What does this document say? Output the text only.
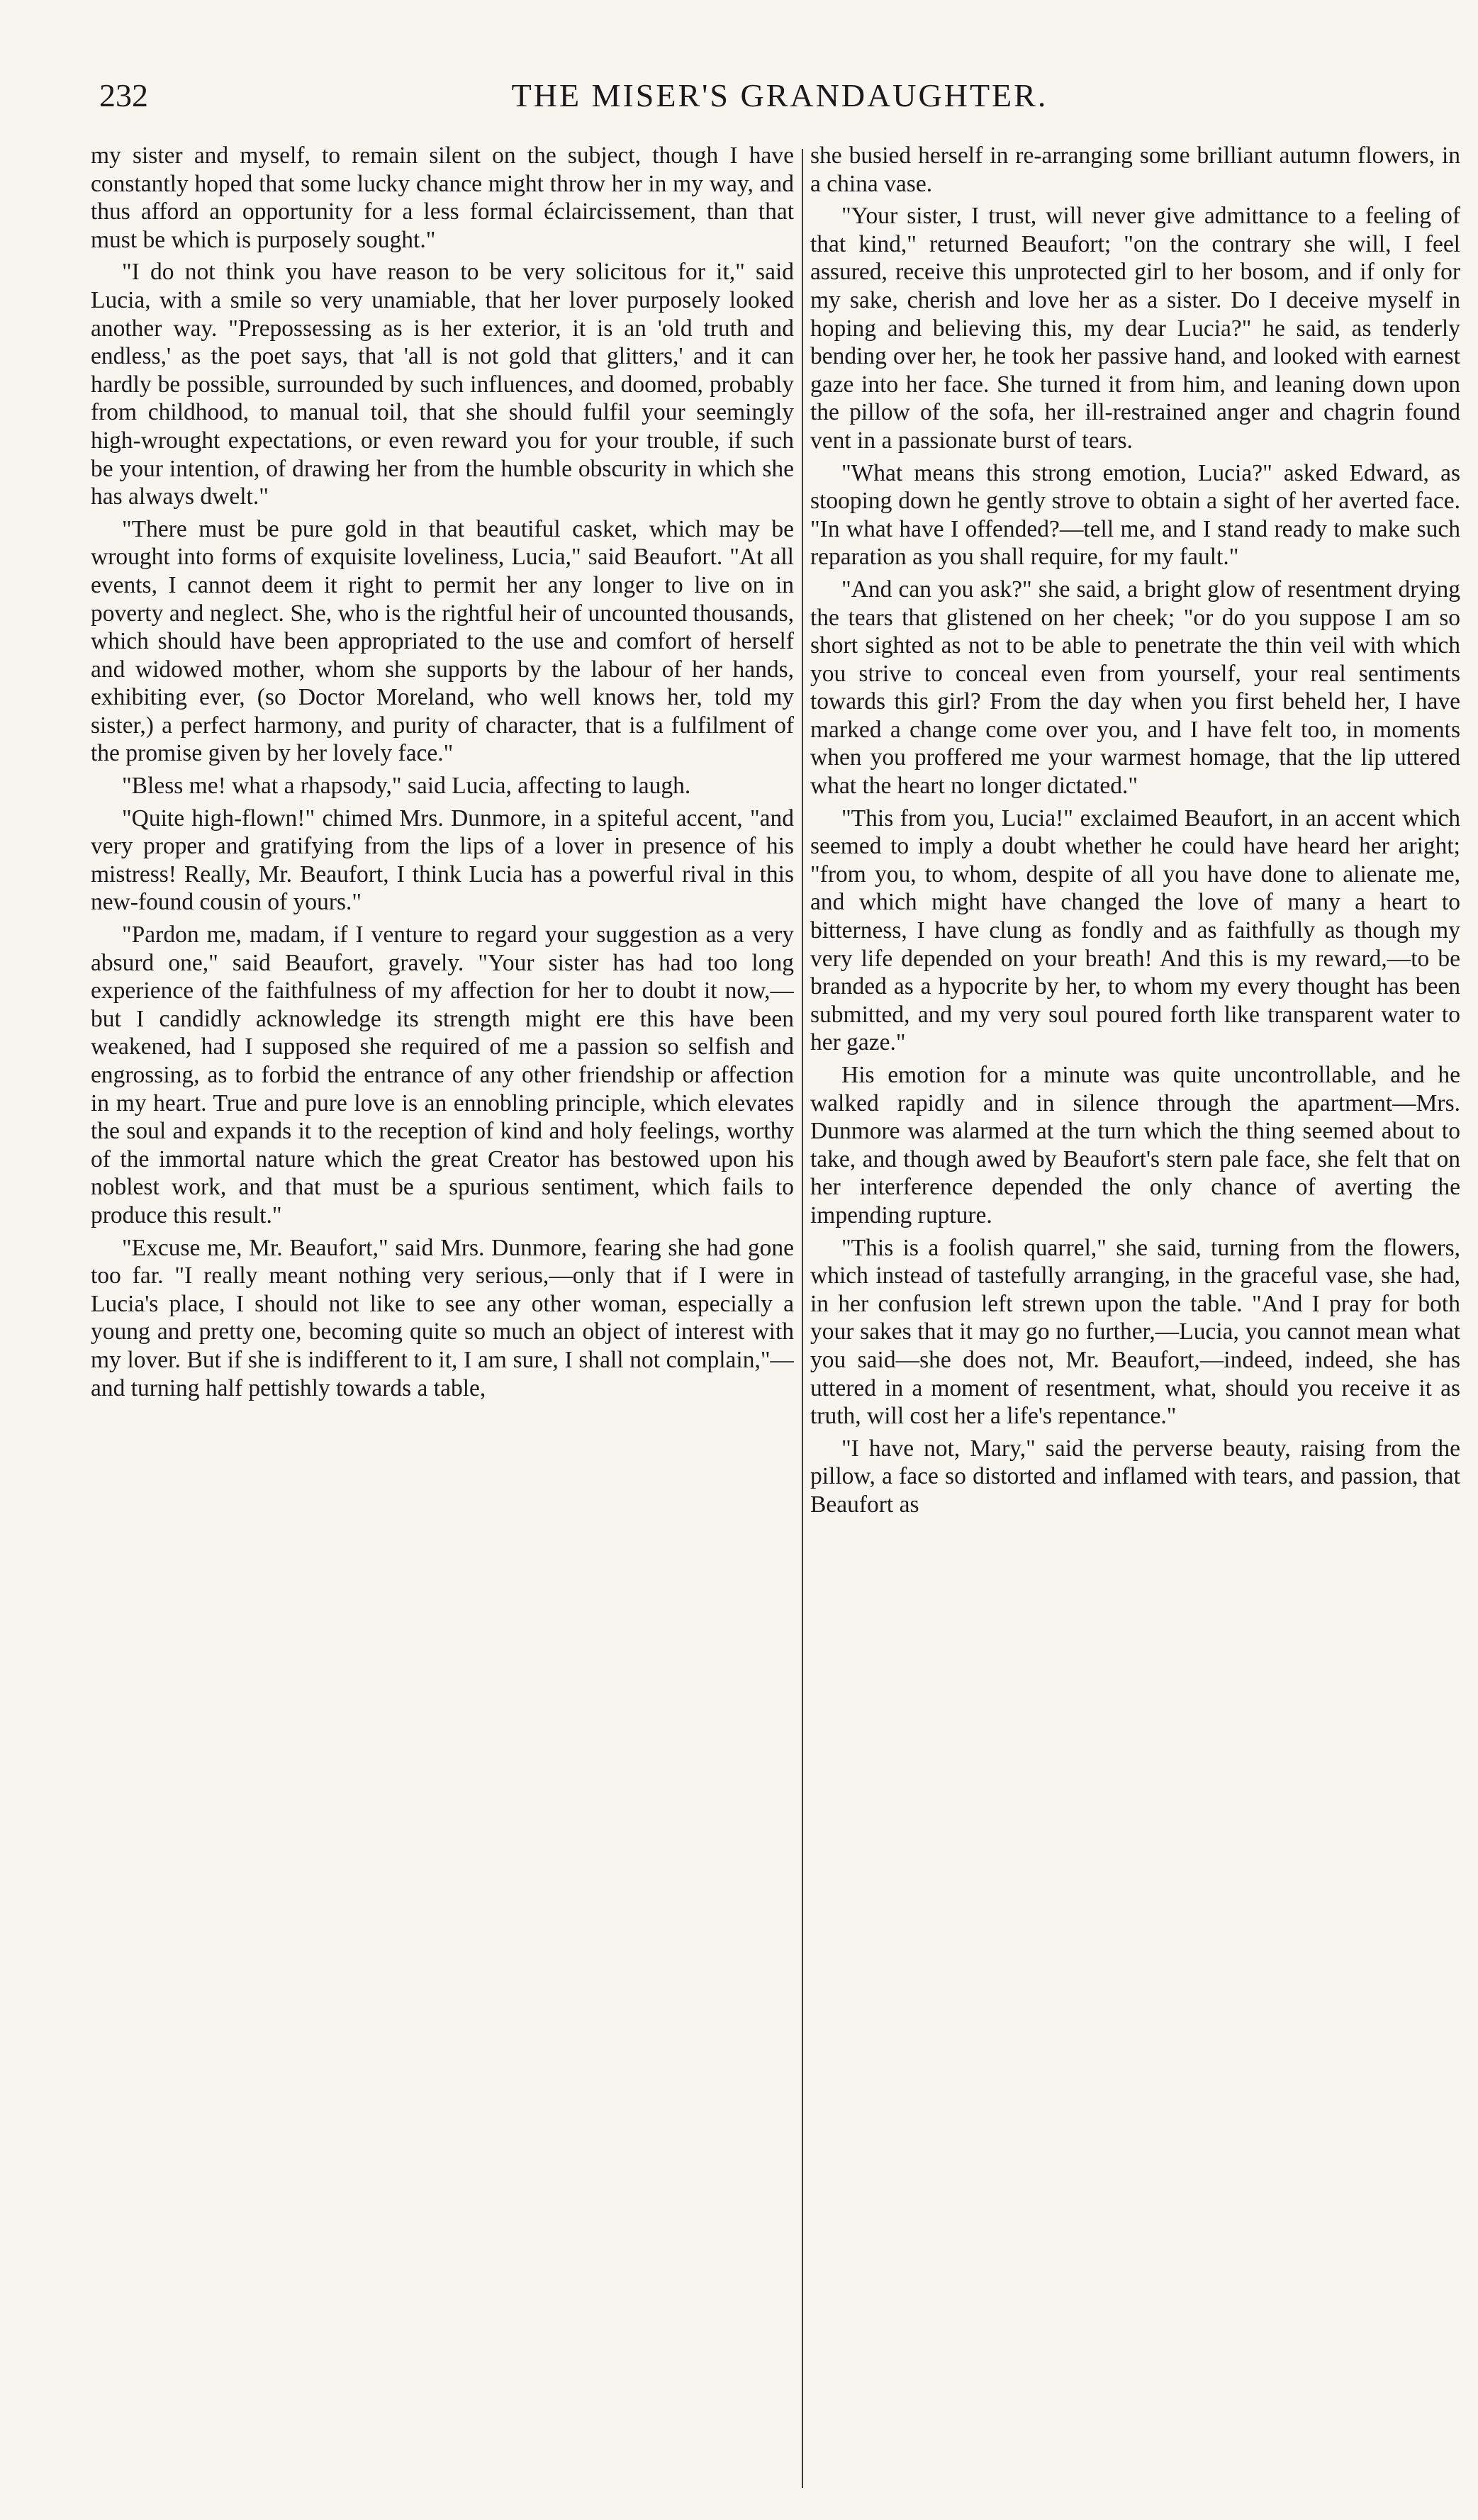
232	THE MISER'S GRANDAUGHTER.

my sister and myself, to remain silent on the subject, though I have constantly hoped that some lucky chance might throw her in my way, and thus afford an opportunity for a less formal éclaircissement, than that must be which is purposely sought."

"I do not think you have reason to be very solicitous for it," said Lucia, with a smile so very unamiable, that her lover purposely looked another way. "Prepossessing as is her exterior, it is an 'old truth and endless,' as the poet says, that 'all is not gold that glitters,' and it can hardly be possible, surrounded by such influences, and doomed, probably from childhood, to manual toil, that she should fulfil your seemingly high-wrought expectations, or even reward you for your trouble, if such be your intention, of drawing her from the humble obscurity in which she has always dwelt."

"There must be pure gold in that beautiful casket, which may be wrought into forms of exquisite loveliness, Lucia," said Beaufort. "At all events, I cannot deem it right to permit her any longer to live on in poverty and neglect. She, who is the rightful heir of uncounted thousands, which should have been appropriated to the use and comfort of herself and widowed mother, whom she supports by the labour of her hands, exhibiting ever, (so Doctor Moreland, who well knows her, told my sister,) a perfect harmony, and purity of character, that is a fulfilment of the promise given by her lovely face."

"Bless me! what a rhapsody," said Lucia, affecting to laugh.

"Quite high-flown!" chimed Mrs. Dunmore, in a spiteful accent, "and very proper and gratifying from the lips of a lover in presence of his mistress! Really, Mr. Beaufort, I think Lucia has a powerful rival in this new-found cousin of yours."

"Pardon me, madam, if I venture to regard your suggestion as a very absurd one," said Beaufort, gravely. "Your sister has had too long experience of the faithfulness of my affection for her to doubt it now,—but I candidly acknowledge its strength might ere this have been weakened, had I supposed she required of me a passion so selfish and engrossing, as to forbid the entrance of any other friendship or affection in my heart. True and pure love is an ennobling principle, which elevates the soul and expands it to the reception of kind and holy feelings, worthy of the immortal nature which the great Creator has bestowed upon his noblest work, and that must be a spurious sentiment, which fails to produce this result."

"Excuse me, Mr. Beaufort," said Mrs. Dunmore, fearing she had gone too far. "I really meant nothing very serious,—only that if I were in Lucia's place, I should not like to see any other woman, especially a young and pretty one, becoming quite so much an object of interest with my lover. But if she is indifferent to it, I am sure, I shall not complain,"—and turning half pettishly towards a table,

she busied herself in re-arranging some brilliant autumn flowers, in a china vase.

"Your sister, I trust, will never give admittance to a feeling of that kind," returned Beaufort; "on the contrary she will, I feel assured, receive this unprotected girl to her bosom, and if only for my sake, cherish and love her as a sister. Do I deceive myself in hoping and believing this, my dear Lucia?" he said, as tenderly bending over her, he took her passive hand, and looked with earnest gaze into her face. She turned it from him, and leaning down upon the pillow of the sofa, her ill-restrained anger and chagrin found vent in a passionate burst of tears.

"What means this strong emotion, Lucia?" asked Edward, as stooping down he gently strove to obtain a sight of her averted face. "In what have I offended?—tell me, and I stand ready to make such reparation as you shall require, for my fault."

"And can you ask?" she said, a bright glow of resentment drying the tears that glistened on her cheek; "or do you suppose I am so short sighted as not to be able to penetrate the thin veil with which you strive to conceal even from yourself, your real sentiments towards this girl? From the day when you first beheld her, I have marked a change come over you, and I have felt too, in moments when you proffered me your warmest homage, that the lip uttered what the heart no longer dictated."

"This from you, Lucia!" exclaimed Beaufort, in an accent which seemed to imply a doubt whether he could have heard her aright; "from you, to whom, despite of all you have done to alienate me, and which might have changed the love of many a heart to bitterness, I have clung as fondly and as faithfully as though my very life depended on your breath! And this is my reward,—to be branded as a hypocrite by her, to whom my every thought has been submitted, and my very soul poured forth like transparent water to her gaze."

His emotion for a minute was quite uncontrollable, and he walked rapidly and in silence through the apartment—Mrs. Dunmore was alarmed at the turn which the thing seemed about to take, and though awed by Beaufort's stern pale face, she felt that on her interference depended the only chance of averting the impending rupture.

"This is a foolish quarrel," she said, turning from the flowers, which instead of tastefully arranging, in the graceful vase, she had, in her confusion left strewn upon the table. "And I pray for both your sakes that it may go no further,—Lucia, you cannot mean what you said—she does not, Mr. Beaufort,—indeed, indeed, she has uttered in a moment of resentment, what, should you receive it as truth, will cost her a life's repentance."

"I have not, Mary," said the perverse beauty, raising from the pillow, a face so distorted and inflamed with tears, and passion, that Beaufort as
